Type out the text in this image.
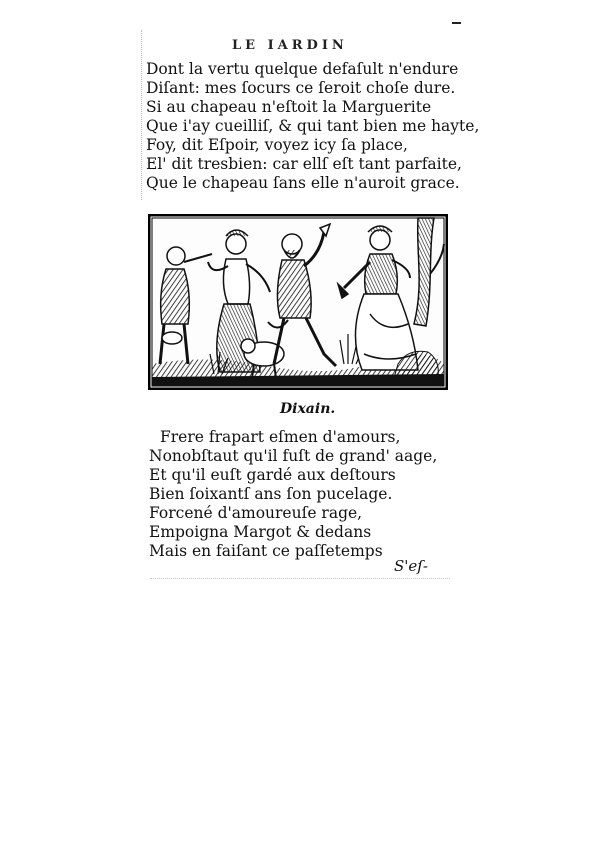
LE IARDIN
Dont la vertu quelque defaſult n'endure
Diſant: mes ſocurs ce ſeroit choſe dure.
Si au chapeau n'eſtoit la Marguerite
Que i'ay cueilliſ, & qui tant bien me hayte,
Foy, dit Eſpoir, voyez icy ſa place,
El' dit tresbien: car ellſ eſt tant parfaite,
Que le chapeau ſans elle n'auroit grace.
Dixain.
Frere frapart eſmen d'amours,
Nonobſtaut qu'il fuſt de grand' aage,
Et qu'il euſt gardé aux deſtours
Bien ſoixantſ ans ſon pucelage.
Forcené d'amoureuſe rage,
Empoigna Margot & dedans
Mais en faiſant ce paſſetemps
S'eſ-
